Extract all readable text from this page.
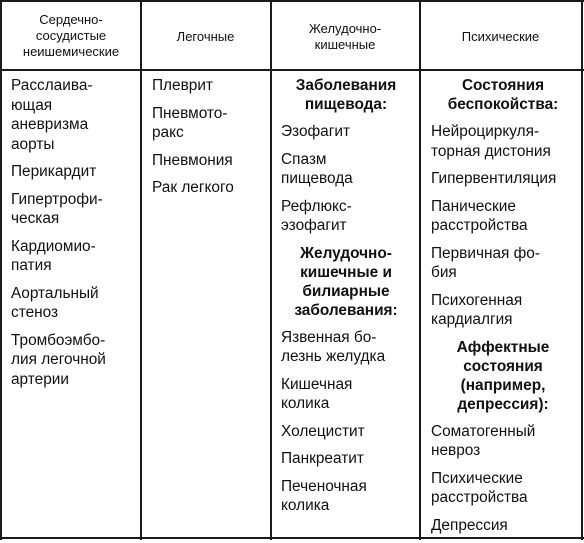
Сердечно-
сосудистые
неишемические
Легочные
Желудочно-
кишечные
Психические
Расслаива-
ющая
аневризма
аорты
Перикардит
Гипертрофи-
ческая
Кардиомио-
патия
Аортальный
стеноз
Тромбоэмбо-
лия легочной
артерии
Плеврит
Пневмото-
ракс
Пневмония
Рак легкого
Заболевания
пищевода:
Эзофагит
Спазм
пищевода
Рефлюкс-
эзофагит
Желудочно-
кишечные и
билиарные
заболевания:
Язвенная бо-
лезнь желудка
Кишечная
колика
Холецистит
Панкреатит
Печеночная
колика
Состояния
беспокойства:
Нейроциркуля-
торная дистония
Гипервентиляция
Панические
расстройства
Первичная фо-
бия
Психогенная
кардиалгия
Аффектные
состояния
(например,
депрессия):
Соматогенный
невроз
Психические
расстройства
Депрессия
